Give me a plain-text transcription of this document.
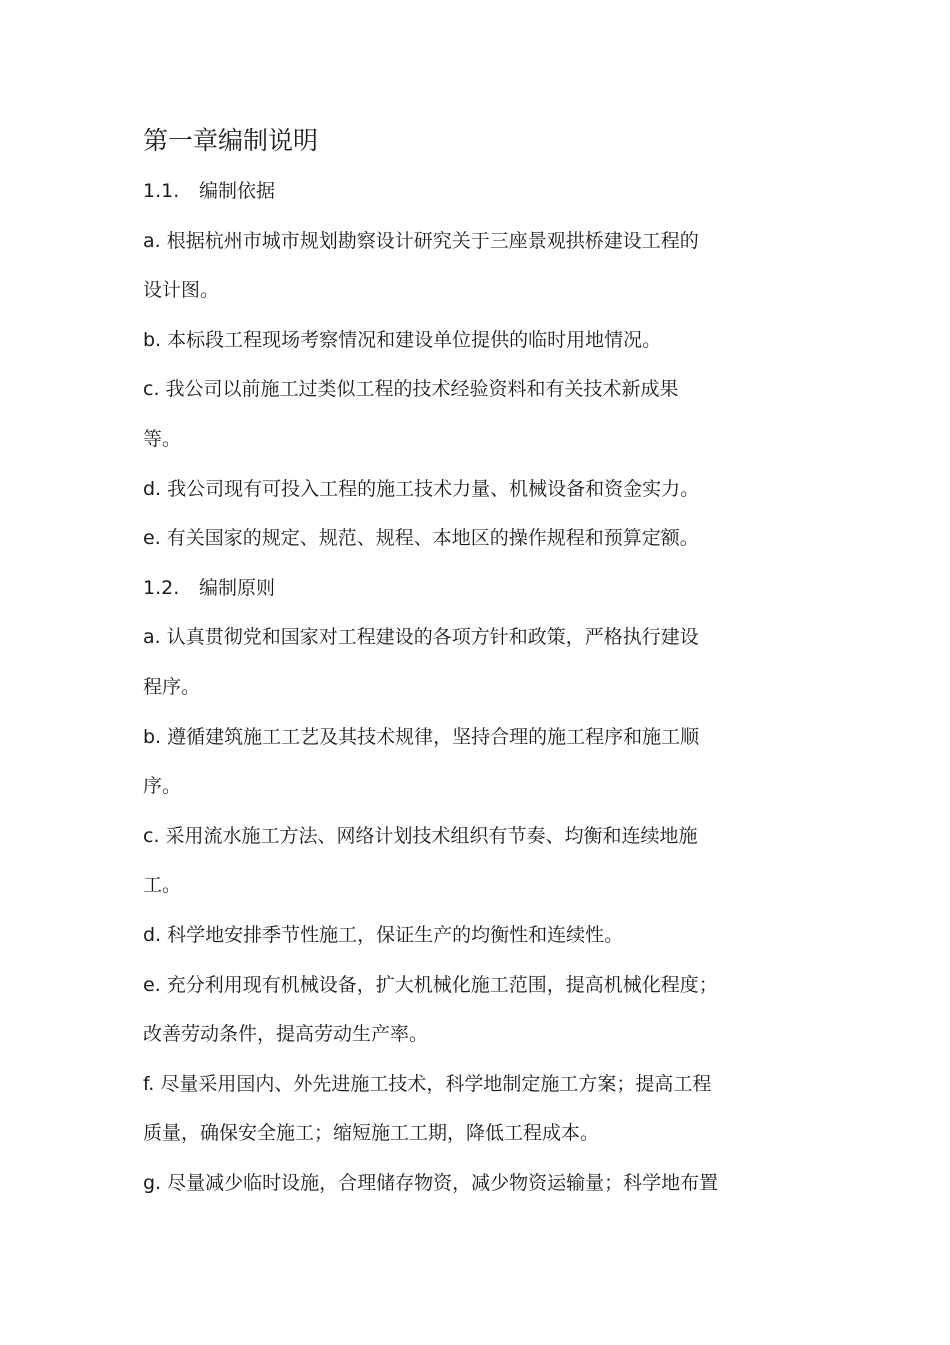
第一章编制说明
1.1. 编制依据
a. 根据杭州市城市规划勘察设计研究关于三座景观拱桥建设工程的
设计图。
b. 本标段工程现场考察情况和建设单位提供的临时用地情况。
c. 我公司以前施工过类似工程的技术经验资料和有关技术新成果
等。
d. 我公司现有可投入工程的施工技术力量、机械设备和资金实力。
e. 有关国家的规定、规范、规程、本地区的操作规程和预算定额。
1.2. 编制原则
a. 认真贯彻党和国家对工程建设的各项方针和政策，严格执行建设
程序。
b. 遵循建筑施工工艺及其技术规律，坚持合理的施工程序和施工顺
序。
c. 采用流水施工方法、网络计划技术组织有节奏、均衡和连续地施
工。
d. 科学地安排季节性施工，保证生产的均衡性和连续性。
e. 充分利用现有机械设备，扩大机械化施工范围，提高机械化程度；
改善劳动条件，提高劳动生产率。
f. 尽量采用国内、外先进施工技术，科学地制定施工方案；提高工程
质量，确保安全施工；缩短施工工期，降低工程成本。
g. 尽量减少临时设施，合理储存物资，减少物资运输量；科学地布置
